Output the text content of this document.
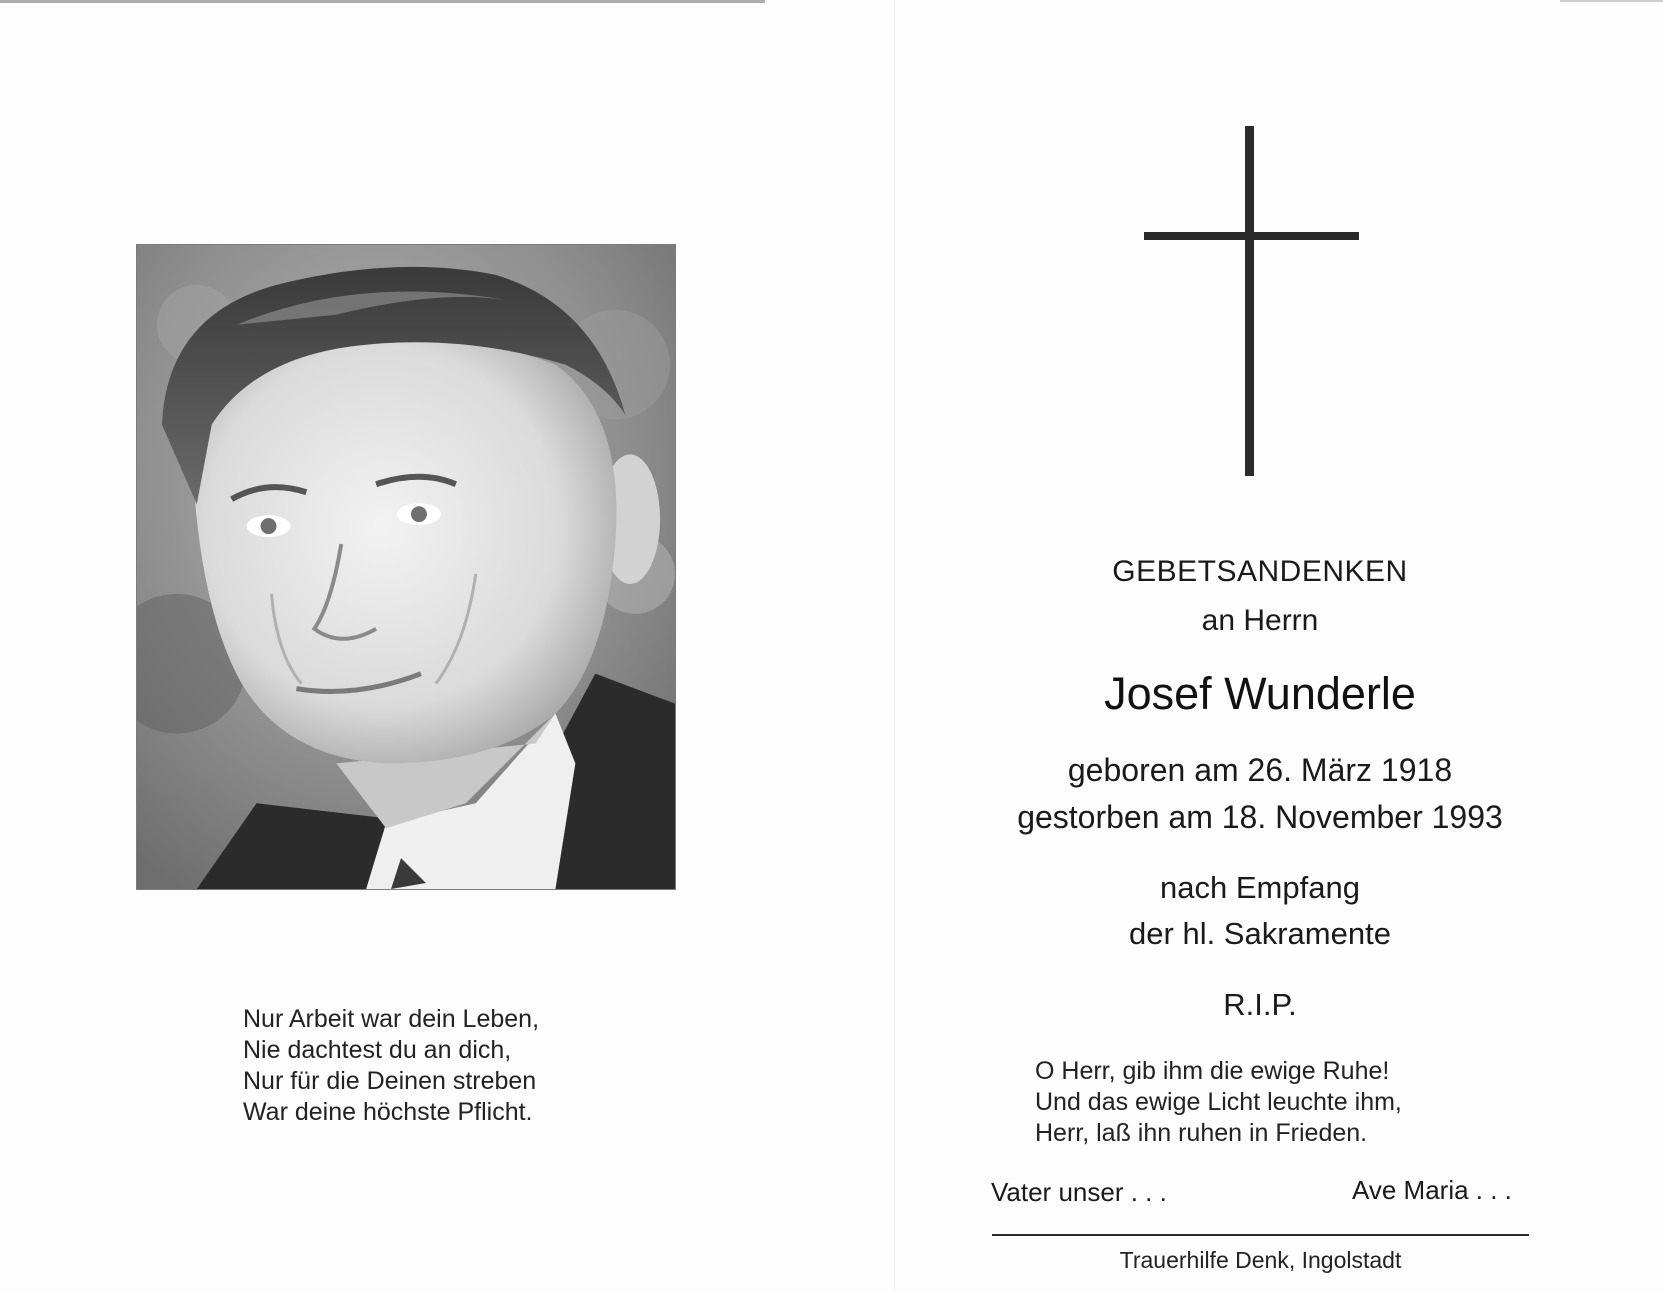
Nur Arbeit war dein Leben,
Nie dachtest du an dich,
Nur für die Deinen streben
War deine höchste Pflicht.
GEBETSANDENKEN
an Herrn
Josef Wunderle
geboren am 26. März 1918
gestorben am 18. November 1993
nach Empfang
der hl. Sakramente
R.I.P.
O Herr, gib ihm die ewige Ruhe!
Und das ewige Licht leuchte ihm,
Herr, laß ihn ruhen in Frieden.
Vater unser . . .	Ave Maria . . .
Trauerhilfe Denk, Ingolstadt
